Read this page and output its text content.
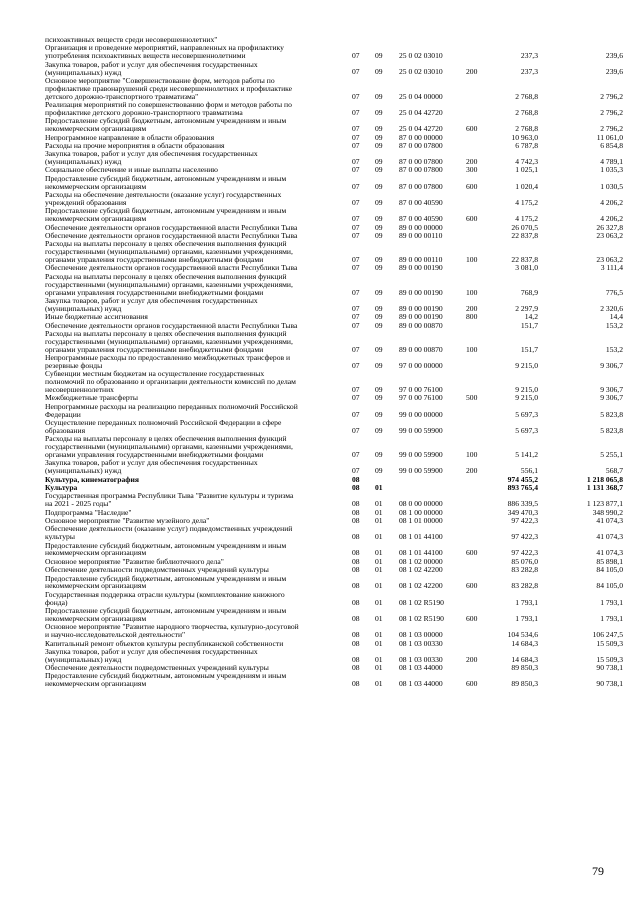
психоактивных веществ среди несовершеннолетних"
Организация и проведение мероприятий, направленных на профилактику
употребления психоактивных веществ несовершеннолетними	07 09 25 0 02 03010	237,3	239,6
Закупка товаров, работ и услуг для обеспечения государственных
(муниципальных) нужд	07 09 25 0 02 03010	200	237,3	239,6
Основное мероприятие "Совершенствование форм, методов работы по
профилактике правонарушений среди несовершеннолетних и профилактике
детского дорожно-транспортного травматизма"	07 09 25 0 04 00000	2 768,8	2 796,2
Реализация мероприятий по совершенствованию форм и методов работы по
профилактике детского дорожно-транспортного травматизма	07 09 25 0 04 42720	2 768,8	2 796,2
Предоставление субсидий бюджетным, автономным учреждениям и иным
некоммерческим организациям	07 09 25 0 04 42720	600	2 768,8	2 796,2
Непрограммное направление в области образования	07 09 87 0 00 00000	10 963,0	11 061,0
Расходы на прочие мероприятия в области образования	07 09 87 0 00 07800	6 787,8	6 854,8
Закупка товаров, работ и услуг для обеспечения государственных
(муниципальных) нужд	07 09 87 0 00 07800	200	4 742,3	4 789,1
Социальное обеспечение и иные выплаты населению	07 09 87 0 00 07800	300	1 025,1	1 035,3
Предоставление субсидий бюджетным, автономным учреждениям и иным
некоммерческим организациям	07 09 87 0 00 07800	600	1 020,4	1 030,5
Расходы на обеспечение деятельности (оказание услуг) государственных
учреждений образования	07 09 87 0 00 40590	4 175,2	4 206,2
Предоставление субсидий бюджетным, автономным учреждениям и иным
некоммерческим организациям	07 09 87 0 00 40590	600	4 175,2	4 206,2
Обеспечение деятельности органов государственной власти Республики Тыва	07 09 89 0 00 00000	26 070,5	26 327,8
Обеспечение деятельности органов государственной власти Республики Тыва	07 09 89 0 00 00110	22 837,8	23 063,2
Расходы на выплаты персоналу в целях обеспечения выполнения функций
государственными (муниципальными) органами, казенными учреждениями,
органами управления государственными внебюджетными фондами	07 09 89 0 00 00110	100	22 837,8	23 063,2
Обеспечение деятельности органов государственной власти Республики Тыва	07 09 89 0 00 00190	3 081,0	3 111,4
Расходы на выплаты персоналу в целях обеспечения выполнения функций
государственными (муниципальными) органами, казенными учреждениями,
органами управления государственными внебюджетными фондами	07 09 89 0 00 00190	100	768,9	776,5
Закупка товаров, работ и услуг для обеспечения государственных
(муниципальных) нужд	07 09 89 0 00 00190	200	2 297,9	2 320,6
Иные бюджетные ассигнования	07 09 89 0 00 00190	800	14,2	14,4
Обеспечение деятельности органов государственной власти Республики Тыва	07 09 89 0 00 00870	151,7	153,2
Расходы на выплаты персоналу в целях обеспечения выполнения функций
государственными (муниципальными) органами, казенными учреждениями,
органами управления государственными внебюджетными фондами	07 09 89 0 00 00870	100	151,7	153,2
Непрограммные расходы по предоставлению межбюджетных трансферов и
резервные фонды	07 09 97 0 00 00000	9 215,0	9 306,7
Субвенции местным бюджетам на осуществление государственных
полномочий по образованию и организации деятельности комиссий по делам
несовершеннолетних	07 09 97 0 00 76100	9 215,0	9 306,7
Межбюджетные трансферты	07 09 97 0 00 76100	500	9 215,0	9 306,7
Непрограммные расходы на реализацию переданных полномочий Российской
Федерации	07 09 99 0 00 00000	5 697,3	5 823,8
Осуществление переданных полномочий Российской Федерации в сфере
образования	07 09 99 0 00 59900	5 697,3	5 823,8
Расходы на выплаты персоналу в целях обеспечения выполнения функций
государственными (муниципальными) органами, казенными учреждениями,
органами управления государственными внебюджетными фондами	07 09 99 0 00 59900	100	5 141,2	5 255,1
Закупка товаров, работ и услуг для обеспечения государственных
(муниципальных) нужд	07 09 99 0 00 59900	200	556,1	568,7
Культура, кинематография	08	974 455,2	1 218 065,8
Культура	08 01	893 765,4	1 131 368,7
Государственная программа Республики Тыва "Развитие культуры и туризма
на 2021 - 2025 годы"	08 01 08 0 00 00000	886 339,5	1 123 877,1
Подпрограмма "Наследие"	08 01 08 1 00 00000	349 470,3	348 990,2
Основное мероприятие "Развитие музейного дела"	08 01 08 1 01 00000	97 422,3	41 074,3
Обеспечение деятельности (оказание услуг) подведомственных учреждений
культуры	08 01 08 1 01 44100	97 422,3	41 074,3
Предоставление субсидий бюджетным, автономным учреждениям и иным
некоммерческим организациям	08 01 08 1 01 44100	600	97 422,3	41 074,3
Основное мероприятие "Развитие библиотечного дела"	08 01 08 1 02 00000	85 076,0	85 898,1
Обеспечение деятельности подведомственных учреждений культуры	08 01 08 1 02 42200	83 282,8	84 105,0
Предоставление субсидий бюджетным, автономным учреждениям и иным
некоммерческим организациям	08 01 08 1 02 42200	600	83 282,8	84 105,0
Государственная поддержка отрасли культуры (комплектование книжного
фонда)	08 01 08 1 02 R5190	1 793,1	1 793,1
Предоставление субсидий бюджетным, автономным учреждениям и иным
некоммерческим организациям	08 01 08 1 02 R5190	600	1 793,1	1 793,1
Основное мероприятие "Развитие народного творчества, культурно-досуговой
и научно-исследовательской деятельности"	08 01 08 1 03 00000	104 534,6	106 247,5
Капитальный ремонт объектов культуры республиканской собственности	08 01 08 1 03 00330	14 684,3	15 509,3
Закупка товаров, работ и услуг для обеспечения государственных
(муниципальных) нужд	08 01 08 1 03 00330	200	14 684,3	15 509,3
Обеспечение деятельности подведомственных учреждений культуры	08 01 08 1 03 44000	89 850,3	90 738,1
Предоставление субсидий бюджетным, автономным учреждениям и иным
некоммерческим организациям	08 01 08 1 03 44000	600	89 850,3	90 738,1
79
